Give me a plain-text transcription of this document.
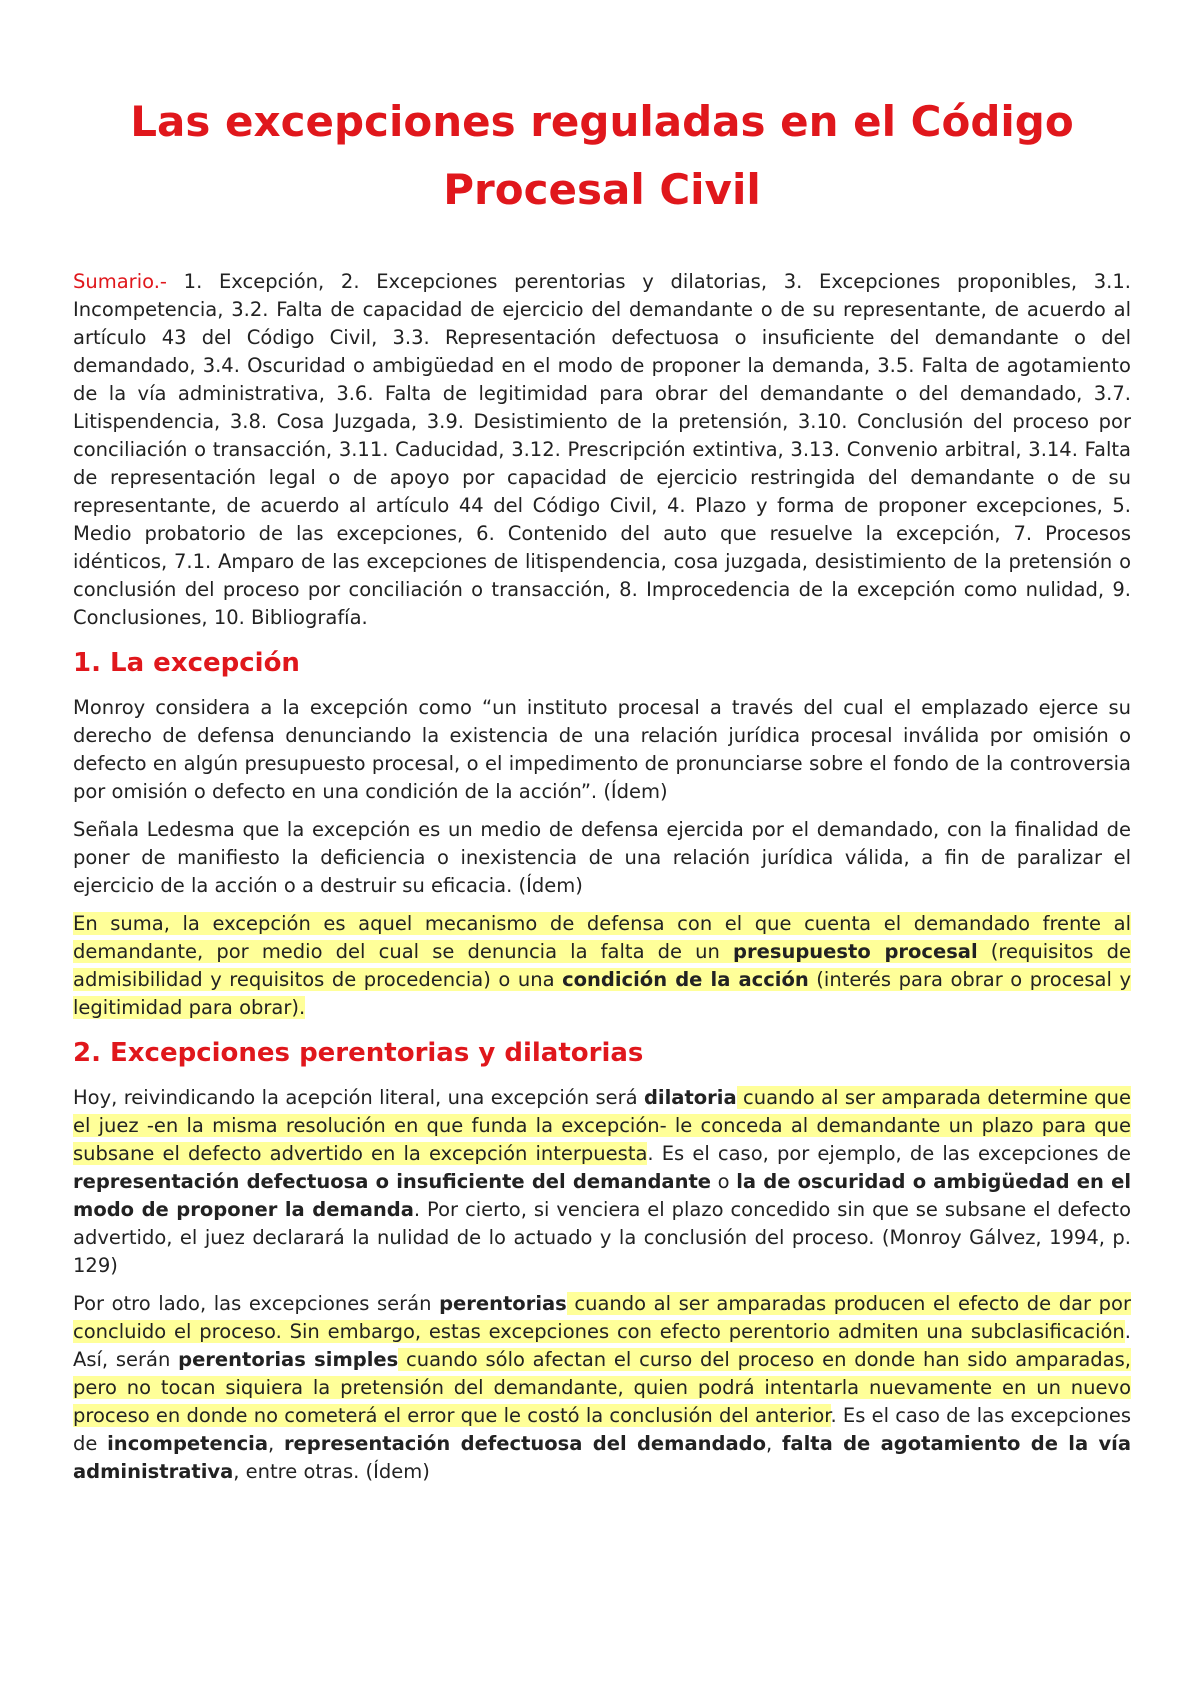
Las excepciones reguladas en el Código Procesal Civil

Sumario.- 1. Excepción, 2. Excepciones perentorias y dilatorias, 3. Excepciones proponibles, 3.1. Incompetencia, 3.2. Falta de capacidad de ejercicio del demandante o de su representante, de acuerdo al artículo 43 del Código Civil, 3.3. Representación defectuosa o insuficiente del demandante o del demandado, 3.4. Oscuridad o ambigüedad en el modo de proponer la demanda, 3.5. Falta de agotamiento de la vía administrativa, 3.6. Falta de legitimidad para obrar del demandante o del demandado, 3.7. Litispendencia, 3.8. Cosa Juzgada, 3.9. Desistimiento de la pretensión, 3.10. Conclusión del proceso por conciliación o transacción, 3.11. Caducidad, 3.12. Prescripción extintiva, 3.13. Convenio arbitral, 3.14. Falta de representación legal o de apoyo por capacidad de ejercicio restringida del demandante o de su representante, de acuerdo al artículo 44 del Código Civil, 4. Plazo y forma de proponer excepciones, 5. Medio probatorio de las excepciones, 6. Contenido del auto que resuelve la excepción, 7. Procesos idénticos, 7.1. Amparo de las excepciones de litispendencia, cosa juzgada, desistimiento de la pretensión o conclusión del proceso por conciliación o transacción, 8. Improcedencia de la excepción como nulidad, 9. Conclusiones, 10. Bibliografía.

1. La excepción

Monroy considera a la excepción como “un instituto procesal a través del cual el emplazado ejerce su derecho de defensa denunciando la existencia de una relación jurídica procesal inválida por omisión o defecto en algún presupuesto procesal, o el impedimento de pronunciarse sobre el fondo de la controversia por omisión o defecto en una condición de la acción”. (Ídem)

Señala Ledesma que la excepción es un medio de defensa ejercida por el demandado, con la finalidad de poner de manifiesto la deficiencia o inexistencia de una relación jurídica válida, a fin de paralizar el ejercicio de la acción o a destruir su eficacia. (Ídem)

En suma, la excepción es aquel mecanismo de defensa con el que cuenta el demandado frente al demandante, por medio del cual se denuncia la falta de un presupuesto procesal (requisitos de admisibilidad y requisitos de procedencia) o una condición de la acción (interés para obrar o procesal y legitimidad para obrar).

2. Excepciones perentorias y dilatorias

Hoy, reivindicando la acepción literal, una excepción será dilatoria cuando al ser amparada determine que el juez -en la misma resolución en que funda la excepción- le conceda al demandante un plazo para que subsane el defecto advertido en la excepción interpuesta. Es el caso, por ejemplo, de las excepciones de representación defectuosa o insuficiente del demandante o la de oscuridad o ambigüedad en el modo de proponer la demanda. Por cierto, si venciera el plazo concedido sin que se subsane el defecto advertido, el juez declarará la nulidad de lo actuado y la conclusión del proceso. (Monroy Gálvez, 1994, p. 129)

Por otro lado, las excepciones serán perentorias cuando al ser amparadas producen el efecto de dar por concluido el proceso. Sin embargo, estas excepciones con efecto perentorio admiten una subclasificación. Así, serán perentorias simples cuando sólo afectan el curso del proceso en donde han sido amparadas, pero no tocan siquiera la pretensión del demandante, quien podrá intentarla nuevamente en un nuevo proceso en donde no cometerá el error que le costó la conclusión del anterior. Es el caso de las excepciones de incompetencia, representación defectuosa del demandado, falta de agotamiento de la vía administrativa, entre otras. (Ídem)
